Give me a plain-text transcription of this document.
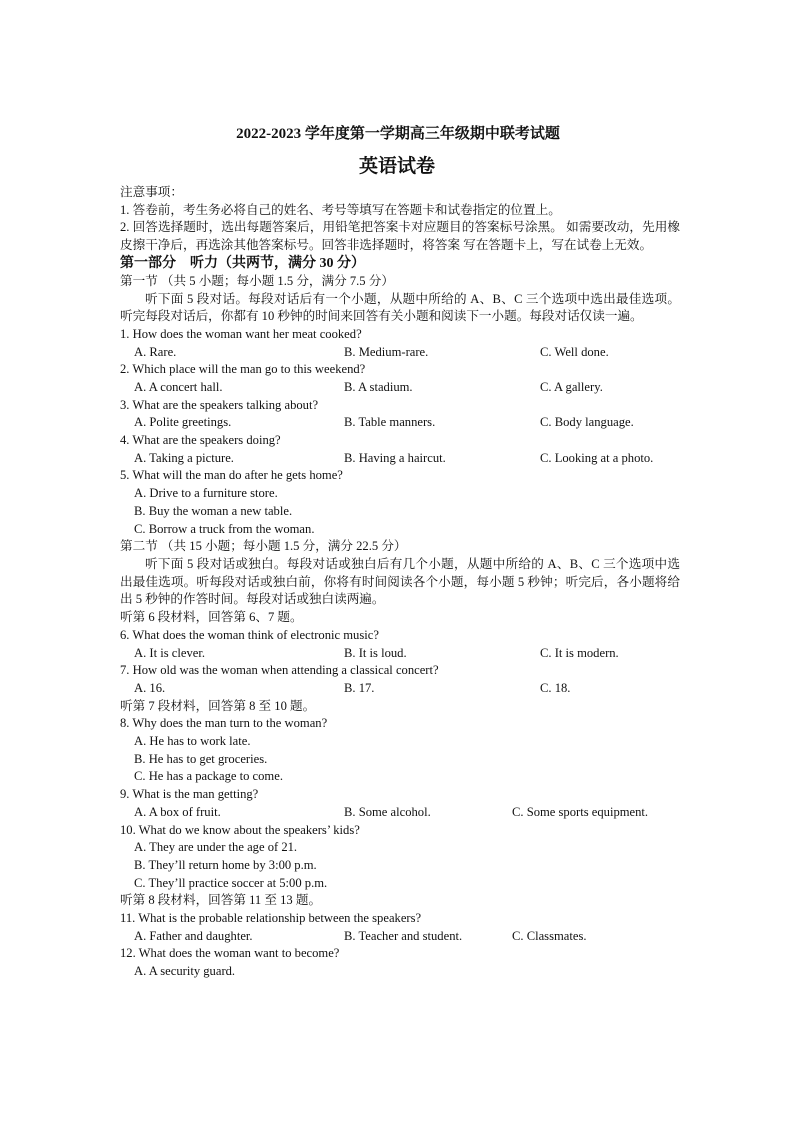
2022-2023 学年度第一学期高三年级期中联考试题
英语试卷
注意事项：
1. 答卷前，考生务必将自己的姓名、考号等填写在答题卡和试卷指定的位置上。
2. 回答选择题时，选出每题答案后，用铅笔把答案卡对应题目的答案标号涂黑。 如需要改动，先用橡皮擦干净后，再选涂其他答案标号。回答非选择题时，将答案 写在答题卡上，写在试卷上无效。
第一部分　听力（共两节，满分 30 分）
第一节 （共 5 小题；每小题 1.5 分，满分 7.5 分）
听下面 5 段对话。每段对话后有一个小题，从题中所给的 A、B、C 三个选项中选出最佳选项。听完每段对话后，你都有 10 秒钟的时间来回答有关小题和阅读下一小题。每段对话仅读一遍。
1. How does the woman want her meat cooked?
A. Rare.	B. Medium-rare.	C. Well done.
2. Which place will the man go to this weekend?
A. A concert hall.	B. A stadium.	C. A gallery.
3. What are the speakers talking about?
A. Polite greetings.	B. Table manners.	C. Body language.
4. What are the speakers doing?
A. Taking a picture.	B. Having a haircut.	C. Looking at a photo.
5. What will the man do after he gets home?
A. Drive to a furniture store.
B. Buy the woman a new table.
C. Borrow a truck from the woman.
第二节 （共 15 小题；每小题 1.5 分，满分 22.5 分）
听下面 5 段对话或独白。每段对话或独白后有几个小题，从题中所给的 A、B、C 三个选项中选出最佳选项。听每段对话或独白前，你将有时间阅读各个小题，每小题 5 秒钟；听完后，各小题将给出 5 秒钟的作答时间。每段对话或独白读两遍。
听第 6 段材料，回答第 6、7 题。
6. What does the woman think of electronic music?
A. It is clever.	B. It is loud.	C. It is modern.
7. How old was the woman when attending a classical concert?
A. 16.	B. 17.	C. 18.
听第 7 段材料，回答第 8 至 10 题。
8. Why does the man turn to the woman?
A. He has to work late.
B. He has to get groceries.
C. He has a package to come.
9. What is the man getting?
A. A box of fruit.	B. Some alcohol.	C. Some sports equipment.
10. What do we know about the speakers’ kids?
A. They are under the age of 21.
B. They’ll return home by 3:00 p.m.
C. They’ll practice soccer at 5:00 p.m.
听第 8 段材料，回答第 11 至 13 题。
11. What is the probable relationship between the speakers?
A. Father and daughter.	B. Teacher and student.	C. Classmates.
12. What does the woman want to become?
A. A security guard.
